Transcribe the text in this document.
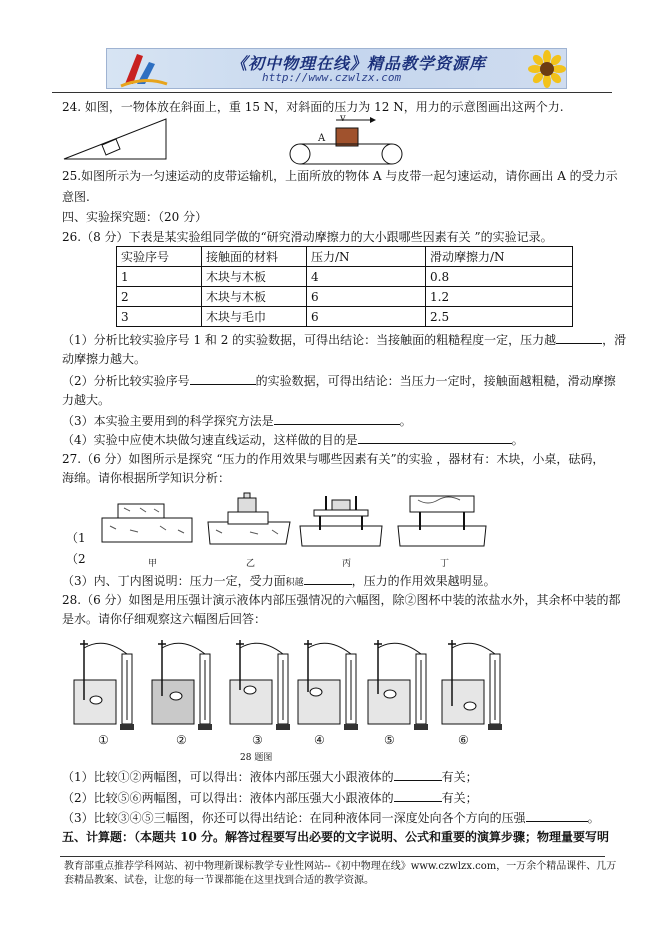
《初中物理在线》精品教学资源库
http://www.czwlzx.com
24. 如图，一物体放在斜面上，重 15 N，对斜面的压力为 12 N，用力的示意图画出这两个力.
v
A
25.如图所示为一匀速运动的皮带运输机，上面所放的物体 A 与皮带一起匀速运动，请你画出 A 的受力示
意图.
四、实验探究题：（20 分）
26.（8 分）下表是某实验组同学做的“研究滑动摩擦力的大小跟哪些因素有关 ”的实验记录。
实验序号	接触面的材料	压力/N	滑动摩擦力/N
1	木块与木板	4	0.8
2	木块与木板	6	1.2
3	木块与毛巾	6	2.5
（1）分析比较实验序号 1 和 2 的实验数据，可得出结论：当接触面的粗糙程度一定，压力越	，滑
动摩擦力越大。
（2）分析比较实验序号	的实验数据，可得出结论：当压力一定时，接触面越粗糙，滑动摩擦
力越大。
（3）本实验主要用到的科学探究方法是	。
（4）实验中应使木块做匀速直线运动，这样做的目的是	。
27.（6 分）如图所示是探究 “压力的作用效果与哪些因素有关”的实验 ，器材有：木块，小桌，砝码，
海绵。请你根据所学知识分析：
（1
（2	甲	乙	丙	丁
（3）内、丁内图说明：压力一定，受力面积越	，压力的作用效果越明显。
28.（6 分）如图是用压强计演示液体内部压强情况的六幅图，除②图杯中装的浓盐水外，其余杯中装的都
是水。请你仔细观察这六幅图后回答：
①	②	③	④	⑤	⑥
28 题图
（1）比较①②两幅图，可以得出：液体内部压强大小跟液体的	有关；
（2）比较⑤⑥两幅图，可以得出：液体内部压强大小跟液体的	有关；
（3）比较③④⑤三幅图，你还可以得出结论：在同种液体同一深度处向各个方向的压强	。
五、计算题：（本题共 10 分。解答过程要写出必要的文字说明、公式和重要的演算步骤；物理量要写明
教育部重点推荐学科网站、初中物理新课标教学专业性网站--《初中物理在线》www.czwlzx.com，一万余个精品课件、几万
套精品教案、试卷，让您的每一节课都能在这里找到合适的教学资源。
